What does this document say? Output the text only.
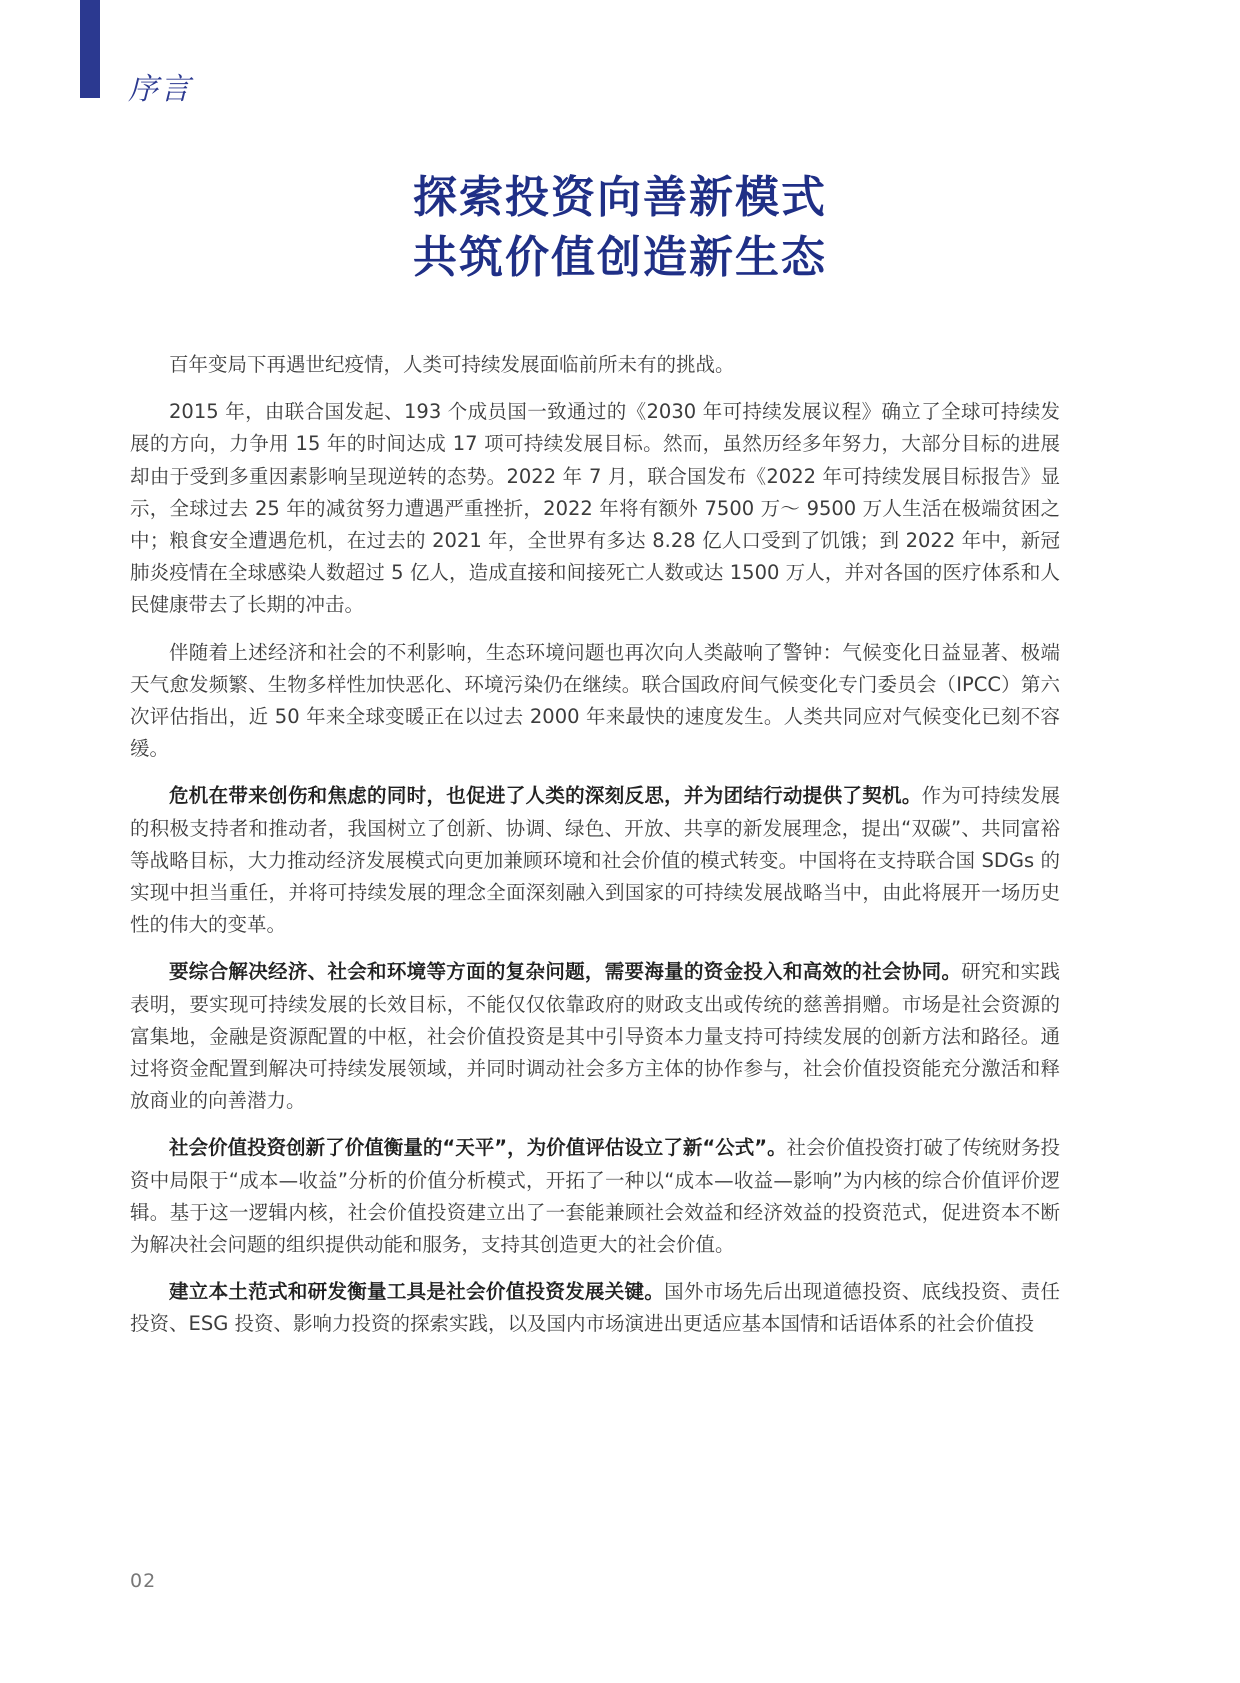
序言
探索投资向善新模式
共筑价值创造新生态

百年变局下再遇世纪疫情，人类可持续发展面临前所未有的挑战。

2015 年，由联合国发起、193 个成员国一致通过的《2030 年可持续发展议程》确立了全球可持续发展的方向，力争用 15 年的时间达成 17 项可持续发展目标。然而，虽然历经多年努力，大部分目标的进展却由于受到多重因素影响呈现逆转的态势。2022 年 7 月，联合国发布《2022 年可持续发展目标报告》显示，全球过去 25 年的减贫努力遭遇严重挫折，2022 年将有额外 7500 万～ 9500 万人生活在极端贫困之中；粮食安全遭遇危机，在过去的 2021 年，全世界有多达 8.28 亿人口受到了饥饿；到 2022 年中，新冠肺炎疫情在全球感染人数超过 5 亿人，造成直接和间接死亡人数或达 1500 万人，并对各国的医疗体系和人民健康带去了长期的冲击。

伴随着上述经济和社会的不利影响，生态环境问题也再次向人类敲响了警钟：气候变化日益显著、极端天气愈发频繁、生物多样性加快恶化、环境污染仍在继续。联合国政府间气候变化专门委员会（IPCC）第六次评估指出，近 50 年来全球变暖正在以过去 2000 年来最快的速度发生。人类共同应对气候变化已刻不容缓。

危机在带来创伤和焦虑的同时，也促进了人类的深刻反思，并为团结行动提供了契机。作为可持续发展的积极支持者和推动者，我国树立了创新、协调、绿色、开放、共享的新发展理念，提出“双碳”、共同富裕等战略目标，大力推动经济发展模式向更加兼顾环境和社会价值的模式转变。中国将在支持联合国 SDGs 的实现中担当重任，并将可持续发展的理念全面深刻融入到国家的可持续发展战略当中，由此将展开一场历史性的伟大的变革。

要综合解决经济、社会和环境等方面的复杂问题，需要海量的资金投入和高效的社会协同。研究和实践表明，要实现可持续发展的长效目标，不能仅仅依靠政府的财政支出或传统的慈善捐赠。市场是社会资源的富集地，金融是资源配置的中枢，社会价值投资是其中引导资本力量支持可持续发展的创新方法和路径。通过将资金配置到解决可持续发展领域，并同时调动社会多方主体的协作参与，社会价值投资能充分激活和释放商业的向善潜力。

社会价值投资创新了价值衡量的“天平”，为价值评估设立了新“公式”。社会价值投资打破了传统财务投资中局限于“成本—收益”分析的价值分析模式，开拓了一种以“成本—收益—影响”为内核的综合价值评价逻辑。基于这一逻辑内核，社会价值投资建立出了一套能兼顾社会效益和经济效益的投资范式，促进资本不断为解决社会问题的组织提供动能和服务，支持其创造更大的社会价值。

建立本土范式和研发衡量工具是社会价值投资发展关键。国外市场先后出现道德投资、底线投资、责任投资、ESG 投资、影响力投资的探索实践，以及国内市场演进出更适应基本国情和话语体系的社会价值投

02
